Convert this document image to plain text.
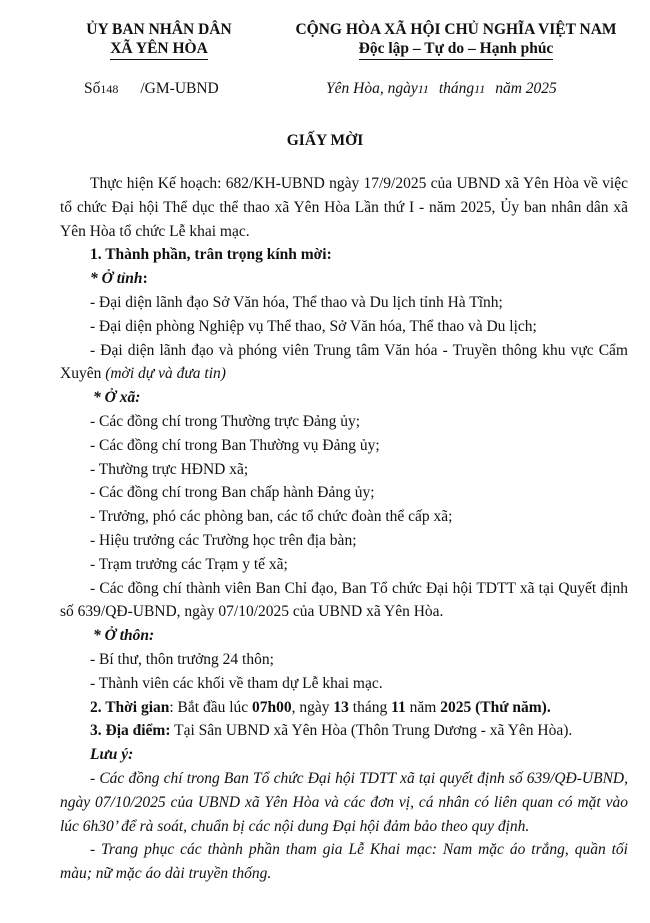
ỦY BAN NHÂN DÂN
XÃ YÊN HÒA
CỘNG HÒA XÃ HỘI CHỦ NGHĨA VIỆT NAM
Độc lập – Tự do – Hạnh phúc
Số148 /GM-UBND	Yên Hòa, ngày11 tháng11 năm 2025
GIẤY MỜI

Thực hiện Kế hoạch: 682/KH-UBND ngày 17/9/2025 của UBND xã Yên Hòa về việc tổ chức Đại hội Thể dục thể thao xã Yên Hòa Lần thứ I - năm 2025, Ủy ban nhân dân xã Yên Hòa tổ chức Lễ khai mạc.

1. Thành phần, trân trọng kính mời:

* Ở tỉnh:

- Đại diện lãnh đạo Sở Văn hóa, Thể thao và Du lịch tỉnh Hà Tĩnh;

- Đại diện phòng Nghiệp vụ Thể thao, Sở Văn hóa, Thể thao và Du lịch;

- Đại diện lãnh đạo và phóng viên Trung tâm Văn hóa - Truyền thông khu vực Cẩm Xuyên (mời dự và đưa tin)

* Ở xã:

- Các đồng chí trong Thường trực Đảng ủy;

- Các đồng chí trong Ban Thường vụ Đảng ủy;

- Thường trực HĐND xã;

- Các đồng chí trong Ban chấp hành Đảng ủy;

- Trưởng, phó các phòng ban, các tổ chức đoàn thể cấp xã;

- Hiệu trưởng các Trường học trên địa bàn;

- Trạm trưởng các Trạm y tế xã;

- Các đồng chí thành viên Ban Chỉ đạo, Ban Tổ chức Đại hội TDTT xã tại Quyết định số 639/QĐ-UBND, ngày 07/10/2025 của UBND xã Yên Hòa.

* Ở thôn:

- Bí thư, thôn trưởng 24 thôn;

- Thành viên các khối về tham dự Lễ khai mạc.

2. Thời gian: Bắt đầu lúc 07h00, ngày 13 tháng 11 năm 2025 (Thứ năm).

3. Địa điểm: Tại Sân UBND xã Yên Hòa (Thôn Trung Dương - xã Yên Hòa).

Lưu ý:

- Các đồng chí trong Ban Tổ chức Đại hội TDTT xã tại quyết định số 639/QĐ-UBND, ngày 07/10/2025 của UBND xã Yên Hòa và các đơn vị, cá nhân có liên quan có mặt vào lúc 6h30’ để rà soát, chuẩn bị các nội dung Đại hội đảm bảo theo quy định.

- Trang phục các thành phần tham gia Lễ Khai mạc: Nam mặc áo trắng, quần tối màu; nữ mặc áo dài truyền thống.
